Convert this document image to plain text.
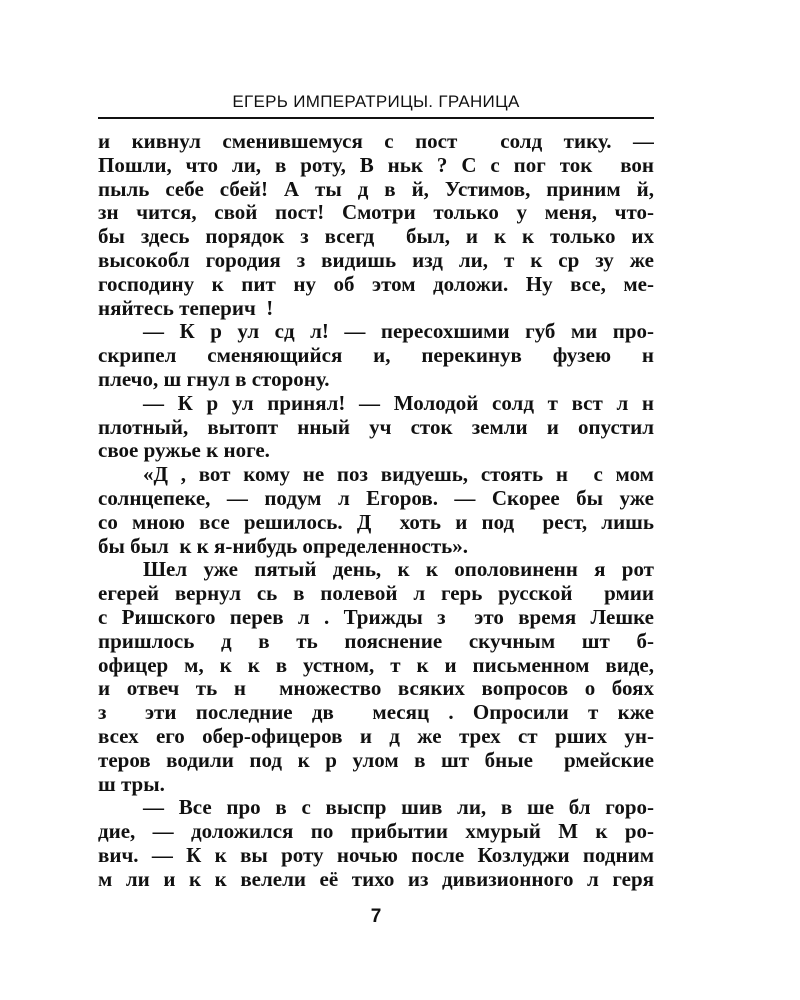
ЕГЕРЬ ИМПЕРАТРИЦЫ. ГРАНИЦА
и кивнул сменившемуся с пост  солд тику. —
Пошли, что ли, в роту, В ньк ? С с пог ток  вон
пыль себе сбей! А ты д в й, Устимов, приним й,
зн чится, свой пост! Смотри только у меня, что-
бы здесь порядок з всегд  был, и к к только их
высокобл городия з видишь изд ли, т к ср зу же
господину к пит ну об этом доложи. Ну все, ме-
няйтесь теперич  !
— К р ул сд л! — пересохшими губ ми про-
скрипел сменяющийся и, перекинув фузею н
плечо, ш гнул в сторону.
— К р ул принял! — Молодой солд т вст л н
плотный, вытопт нный уч сток земли и опустил
свое ружье к ноге.
«Д , вот кому не поз видуешь, стоять н  с мом
солнцепеке, — подум л Егоров. — Скорее бы уже
со мною все решилось. Д  хоть и под  рест, лишь
бы был  к к я-нибудь определенность».
Шел уже пятый день, к к ополовиненн я рот
егерей вернул сь в полевой л герь русской  рмии
с Ришского перев л . Трижды з  это время Лешке
пришлось д в ть пояснение скучным шт б-
офицер м, к к в устном, т к и письменном виде,
и отвеч ть н  множество всяких вопросов о боях
з  эти последние дв  месяц . Опросили т кже
всех его обер-офицеров и д же трех ст рших ун-
теров водили под к р улом в шт бные  рмейские
ш тры.
— Все про в с выспр шив ли, в ше бл горо-
дие, — доложился по прибытии хмурый М к ро-
вич. — К к вы роту ночью после Козлуджи подним
м ли и к к велели её тихо из дивизионного л геря
7
